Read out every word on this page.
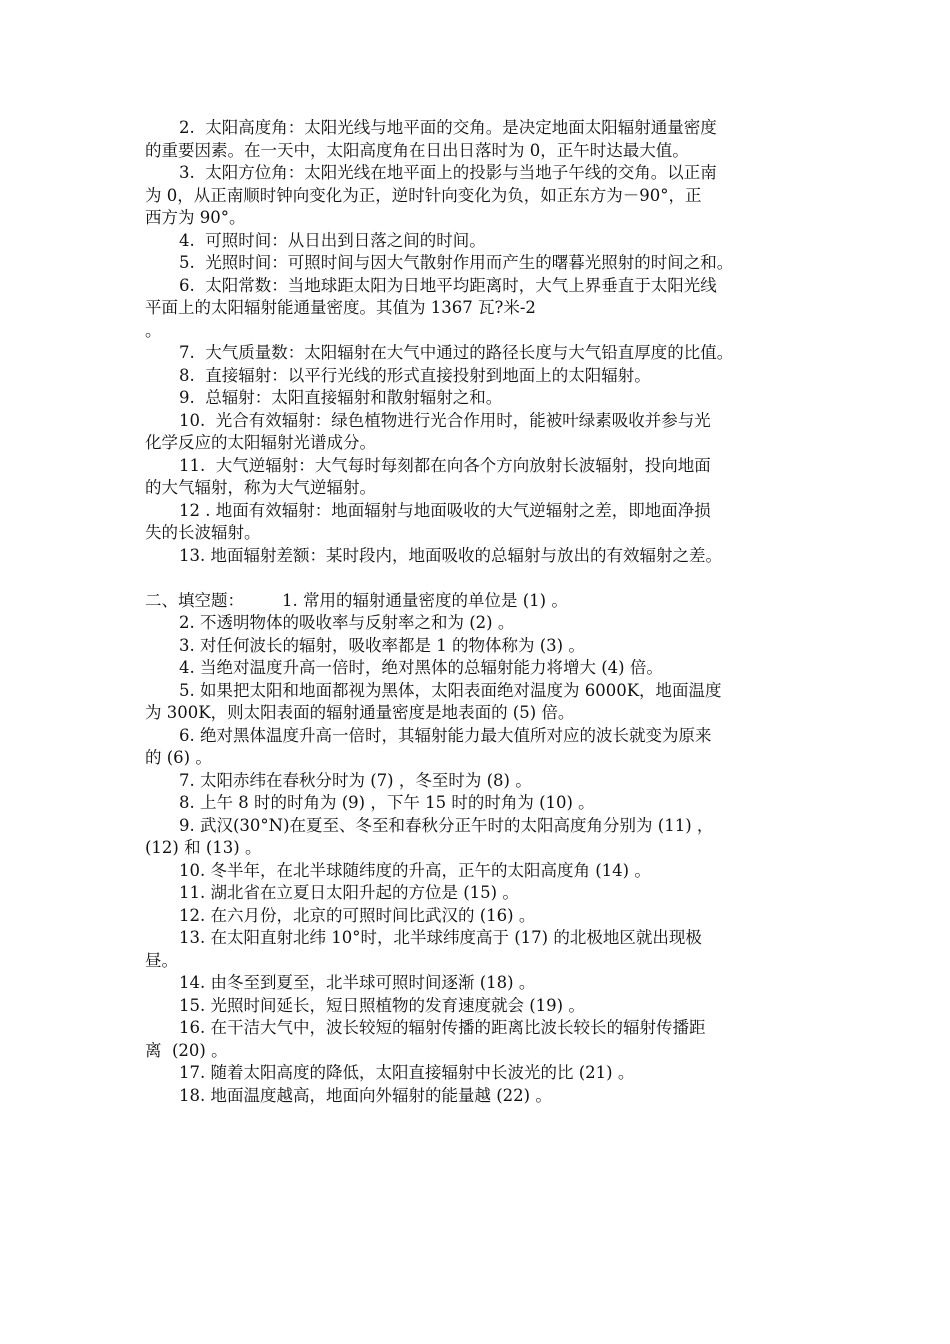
2.  太阳高度角：太阳光线与地平面的交角。是决定地面太阳辐射通量密度
的重要因素。在一天中，太阳高度角在日出日落时为 0，正午时达最大值。
3.  太阳方位角：太阳光线在地平面上的投影与当地子午线的交角。以正南
为 0，从正南顺时钟向变化为正，逆时针向变化为负，如正东方为－90°，正
西方为 90°。
4.  可照时间：从日出到日落之间的时间。
5.  光照时间：可照时间与因大气散射作用而产生的曙暮光照射的时间之和。
6.  太阳常数：当地球距太阳为日地平均距离时，大气上界垂直于太阳光线
平面上的太阳辐射能通量密度。其值为 1367 瓦?米-2
。
7.  大气质量数：太阳辐射在大气中通过的路径长度与大气铅直厚度的比值。
8.  直接辐射：以平行光线的形式直接投射到地面上的太阳辐射。
9.  总辐射：太阳直接辐射和散射辐射之和。
10.  光合有效辐射：绿色植物进行光合作用时，能被叶绿素吸收并参与光
化学反应的太阳辐射光谱成分。
11.  大气逆辐射：大气每时每刻都在向各个方向放射长波辐射，投向地面
的大气辐射，称为大气逆辐射。
12 . 地面有效辐射：地面辐射与地面吸收的大气逆辐射之差，即地面净损
失的长波辐射。
13. 地面辐射差额：某时段内，地面吸收的总辐射与放出的有效辐射之差。
二、填空题： 1. 常用的辐射通量密度的单位是 (1) 。
2. 不透明物体的吸收率与反射率之和为 (2) 。
3. 对任何波长的辐射，吸收率都是 1 的物体称为 (3) 。
4. 当绝对温度升高一倍时，绝对黑体的总辐射能力将增大 (4) 倍。
5. 如果把太阳和地面都视为黑体，太阳表面绝对温度为 6000K，地面温度
为 300K，则太阳表面的辐射通量密度是地表面的 (5) 倍。
6. 绝对黑体温度升高一倍时，其辐射能力最大值所对应的波长就变为原来
的 (6) 。
7. 太阳赤纬在春秋分时为 (7) ，冬至时为 (8) 。
8. 上午 8 时的时角为 (9) ，下午 15 时的时角为 (10) 。
9. 武汉(30°N)在夏至、冬至和春秋分正午时的太阳高度角分别为 (11) ，
(12) 和 (13) 。
10. 冬半年，在北半球随纬度的升高，正午的太阳高度角 (14) 。
11. 湖北省在立夏日太阳升起的方位是 (15) 。
12. 在六月份，北京的可照时间比武汉的 (16) 。
13. 在太阳直射北纬 10°时，北半球纬度高于 (17) 的北极地区就出现极
昼。
14. 由冬至到夏至，北半球可照时间逐渐 (18) 。
15. 光照时间延长，短日照植物的发育速度就会 (19) 。
16. 在干洁大气中，波长较短的辐射传播的距离比波长较长的辐射传播距
离  (20) 。
17. 随着太阳高度的降低，太阳直接辐射中长波光的比 (21) 。
18. 地面温度越高，地面向外辐射的能量越 (22) 。
